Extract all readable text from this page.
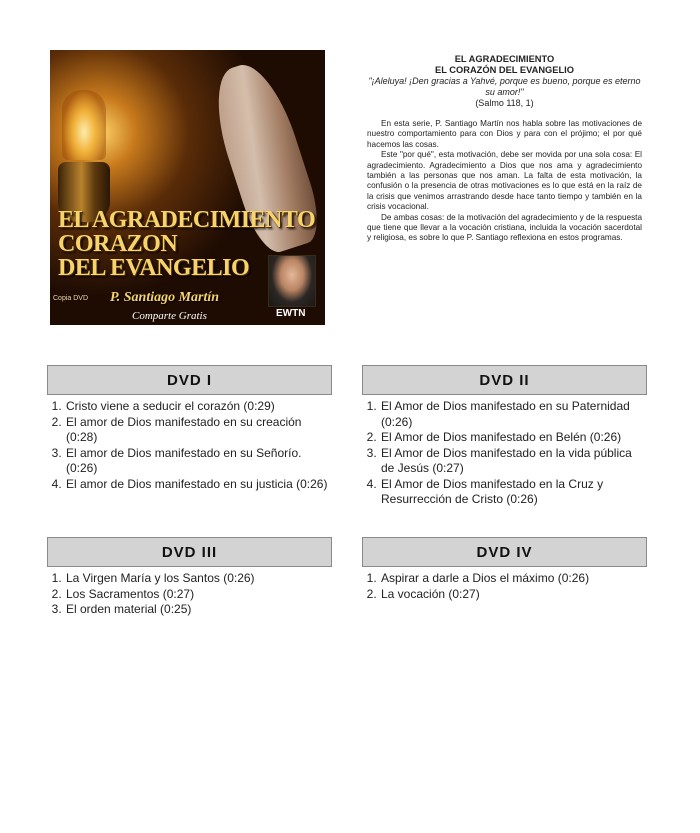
EL AGRADECIMIENTO
CORAZON
DEL EVANGELIO
P. Santiago Martín
Copia DVD
Comparte Gratis	EWTN
EL AGRADECIMIENTO
EL CORAZÓN DEL EVANGELIO
"¡Aleluya! ¡Den gracias a Yahvé, porque es bueno, porque es eterno su amor!"
(Salmo 118, 1)

En esta serie, P. Santiago Martín nos habla sobre las motivaciones de nuestro comportamiento para con Dios y para con el prójimo; el por qué hacemos las cosas.

Este "por qué", esta motivación, debe ser movida por una sola cosa: El agradecimiento. Agradecimiento a Dios que nos ama y agradecimiento también a las personas que nos aman. La falta de esta motivación, la confusión o la presencia de otras motivaciones es lo que está en la raíz de la crisis que venimos arrastrando desde hace tanto tiempo y también en la crisis vocacional.

De ambas cosas: de la motivación del agradecimiento y de la respuesta que tiene que llevar a la vocación cristiana, incluida la vocación sacerdotal y religiosa, es sobre lo que P. Santiago reflexiona en estos programas.

DVD I
1. Cristo viene a seducir el corazón (0:29)
2. El amor de Dios manifestado en su creación (0:28)
3. El amor de Dios manifestado en su Señorío. (0:26)
4. El amor de Dios manifestado en su justicia (0:26)
DVD II
1. El Amor de Dios manifestado en su Paternidad (0:26)
2. El Amor de Dios manifestado en Belén (0:26)
3. El Amor de Dios manifestado en la vida pública de Jesús (0:27)
4. El Amor de Dios manifestado en la Cruz y Resurrección de Cristo (0:26)
DVD III
1. La Virgen María y los Santos (0:26)
2. Los Sacramentos (0:27)
3. El orden material (0:25)
DVD IV
1. Aspirar a darle a Dios el máximo (0:26)
2. La vocación (0:27)
